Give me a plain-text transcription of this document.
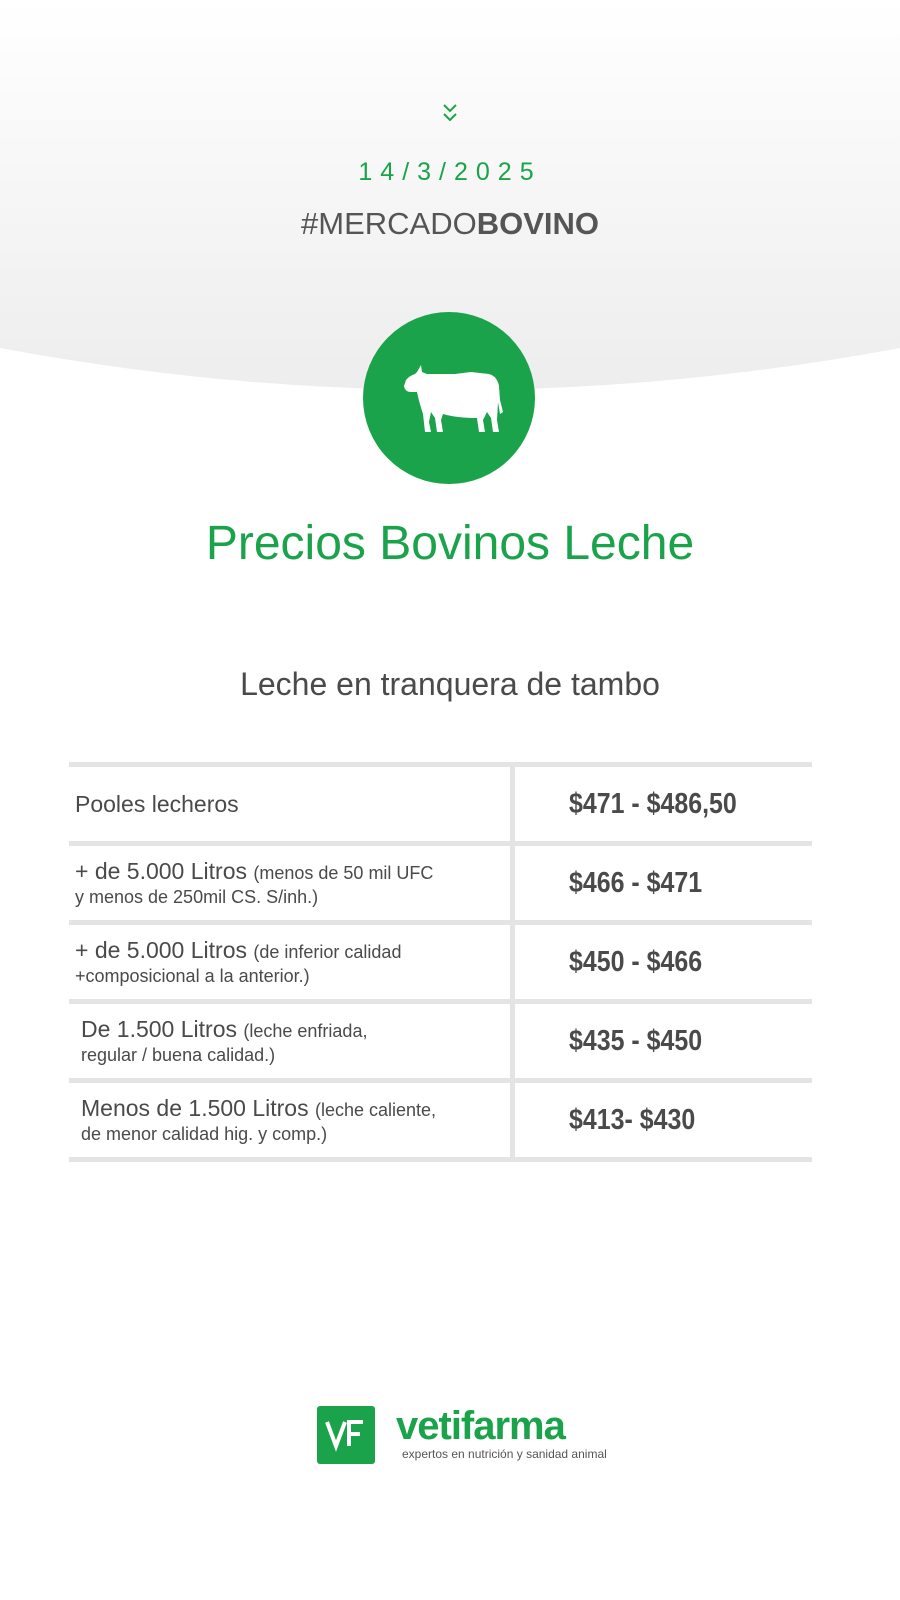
14/3/2025
#MERCADOBOVINO
Precios Bovinos Leche
Leche en tranquera de tambo
Pooles lecheros	$471 - $486,50
+ de 5.000 Litros (menos de 50 mil UFC
y menos de 250mil CS. S/inh.)	$466 - $471
+ de 5.000 Litros (de inferior calidad
+composicional a la anterior.)	$450 - $466
De 1.500 Litros (leche enfriada,
regular / buena calidad.)	$435 - $450
Menos de 1.500 Litros (leche caliente,
de menor calidad hig. y comp.)	$413- $430
vetifarma
expertos en nutrición y sanidad animal
